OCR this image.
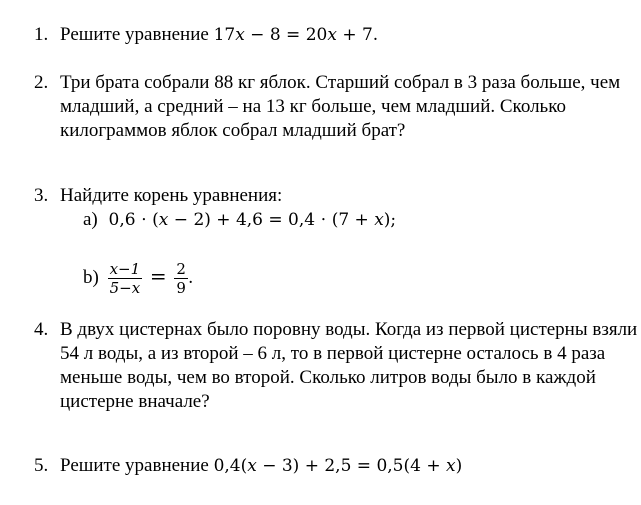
1. Решите уравнение 17𝑥 − 8 = 20𝑥 + 7.
2. Три брата собрали 88 кг яблок. Старший собрал в 3 раза больше, чем
младший, а средний – на 13 кг больше, чем младший. Сколько
килограммов яблок собрал младший брат?
3. Найдите корень уравнения:
a) 0,6 ⋅ (𝑥 − 2) + 4,6 = 0,4 ⋅ (7 + 𝑥);
$b) \frac{\text{𝑥−1}}{\text{5−𝑥}} = \frac{2}{9}$ .
4. В двух цистернах было поровну воды. Когда из первой цистерны взяли
54 л воды, а из второй – 6 л, то в первой цистерне осталось в 4 раза
меньше воды, чем во второй. Сколько литров воды было в каждой
цистерне вначале?
5. Решите уравнение 0,4(𝑥 − 3) + 2,5 = 0,5(4 + 𝑥)
